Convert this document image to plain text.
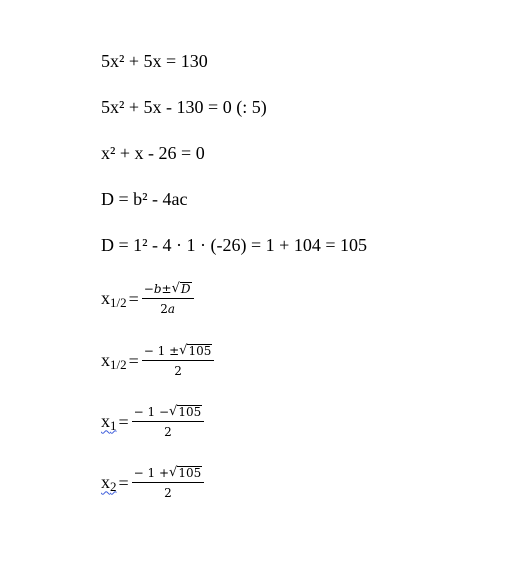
5x² + 5x = 130
5x² + 5x - 130 = 0 (: 5)
x² + x - 26 = 0
D = b² - 4ac
D = 1² - 4 · 1 · (-26) = 1 + 104 = 105
$x_{1/2} = \frac{- b \pm √ D}{2a}$
$x_{1/2} = \frac{- 1 \pm √ 105}{2}$
$x_1 = \frac{- 1 - √ 105}{2}$
$x_2 = \frac{- 1 + √ 105}{2}$
